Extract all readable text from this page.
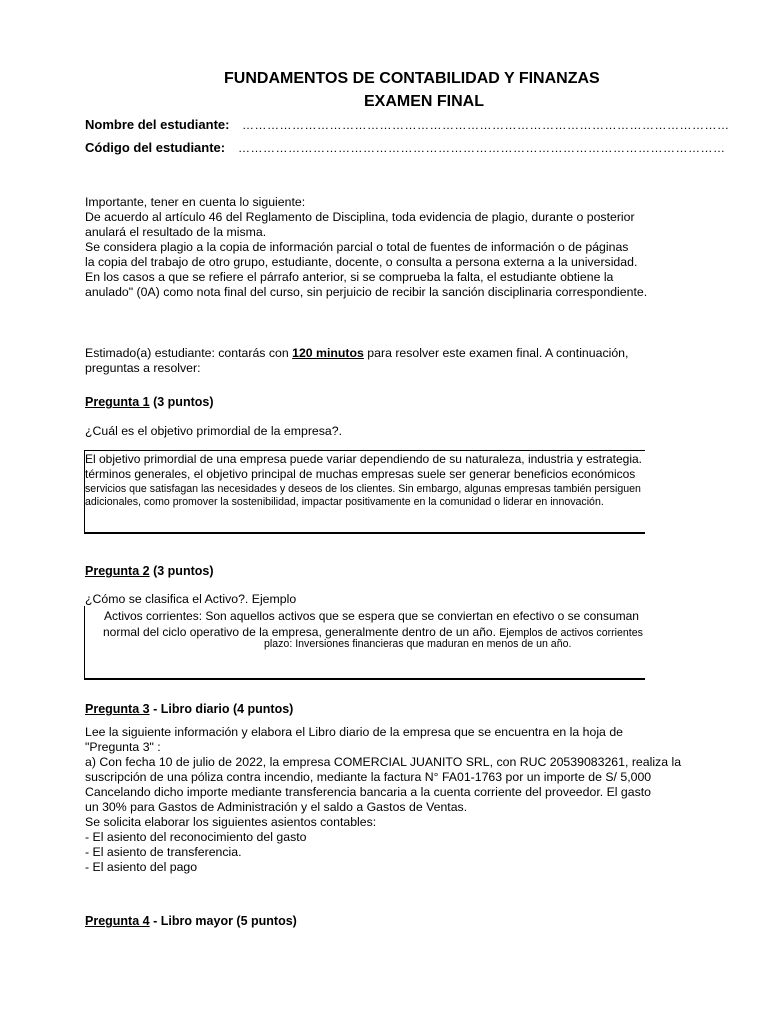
FUNDAMENTOS DE CONTABILIDAD Y FINANZAS
EXAMEN FINAL
Nombre del estudiante: ………………………………………………………………………………………………………
Código del estudiante: ………………………………………………………………………………………………………
Importante, tener en cuenta lo siguiente:
De acuerdo al artículo 46 del Reglamento de Disciplina, toda evidencia de plagio, durante o posterior
anulará el resultado de la misma.
Se considera plagio a la copia de información parcial o total de fuentes de información o de páginas
la copia del trabajo de otro grupo, estudiante, docente, o consulta a persona externa a la universidad.
En los casos a que se refiere el párrafo anterior, si se comprueba la falta, el estudiante obtiene la
anulado" (0A) como nota final del curso, sin perjuicio de recibir la sanción disciplinaria correspondiente.
Estimado(a) estudiante: contarás con 120 minutos para resolver este examen final. A continuación,
preguntas a resolver:
Pregunta 1 (3 puntos)
¿Cuál es el objetivo primordial de la empresa?.
El objetivo primordial de una empresa puede variar dependiendo de su naturaleza, industria y estrategia.
términos generales, el objetivo principal de muchas empresas suele ser generar beneficios económicos
servicios que satisfagan las necesidades y deseos de los clientes. Sin embargo, algunas empresas también persiguen
adicionales, como promover la sostenibilidad, impactar positivamente en la comunidad o liderar en innovación.
Pregunta 2 (3 puntos)
¿Cómo se clasifica el Activo?. Ejemplo
Activos corrientes: Son aquellos activos que se espera que se conviertan en efectivo o se consuman
normal del ciclo operativo de la empresa, generalmente dentro de un año. Ejemplos de activos corrientes
plazo: Inversiones financieras que maduran en menos de un año.
Pregunta 3 - Libro diario (4 puntos)
Lee la siguiente información y elabora el Libro diario de la empresa que se encuentra en la hoja de
"Pregunta 3" :
a) Con fecha 10 de julio de 2022, la empresa COMERCIAL JUANITO SRL, con RUC 20539083261, realiza la
suscripción de una póliza contra incendio, mediante la factura N° FA01-1763 por un importe de S/ 5,000
Cancelando dicho importe mediante transferencia bancaria a la cuenta corriente del proveedor. El gasto
un 30% para Gastos de Administración y el saldo a Gastos de Ventas.
Se solicita elaborar los siguientes asientos contables:
- El asiento del reconocimiento del gasto
- El asiento de transferencia.
- El asiento del pago
Pregunta 4 - Libro mayor (5 puntos)
